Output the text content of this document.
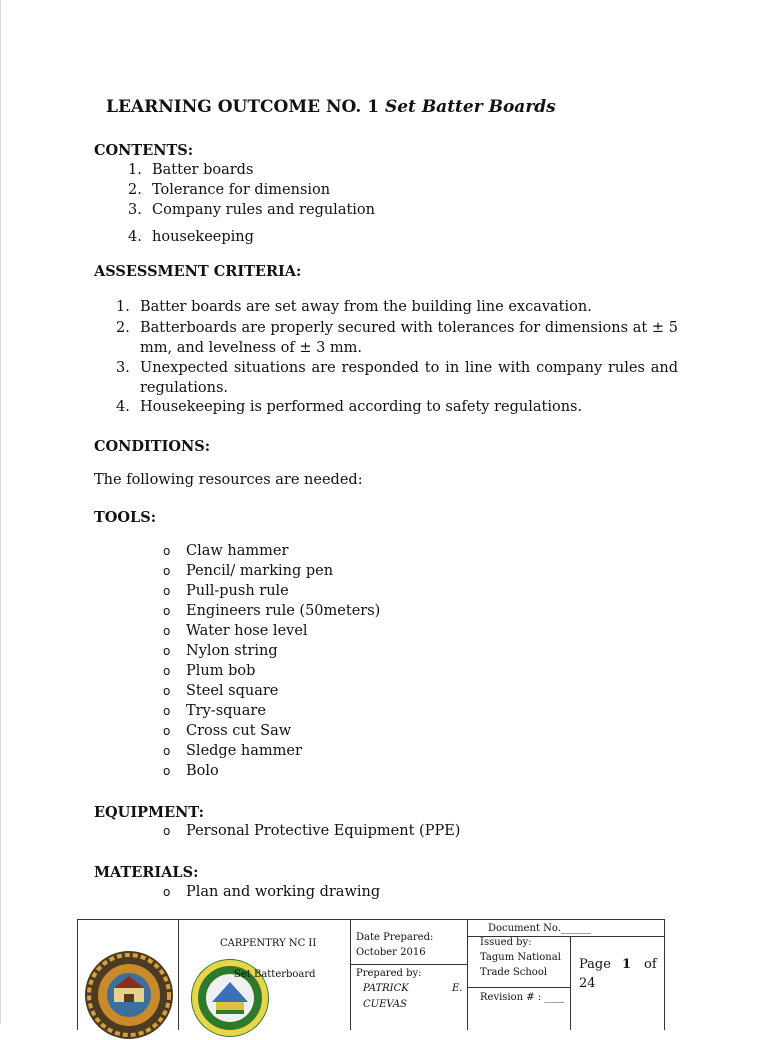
LEARNING OUTCOME NO. 1 Set Batter Boards
CONTENTS:
1. Batter boards
2. Tolerance for dimension
3. Company rules and regulation
4. housekeeping
ASSESSMENT CRITERIA:
1. Batter boards are set away from the building line excavation.
2. Batterboards are properly secured with tolerances for dimensions at ± 5 mm, and levelness of ± 3 mm.
3. Unexpected situations are responded to in line with company rules and regulations.
4. Housekeeping is performed according to safety regulations.
CONDITIONS:
The following resources are needed:
TOOLS:
o Claw hammer
o Pencil/ marking pen
o Pull-push rule
o Engineers rule (50meters)
o Water hose level
o Nylon string
o Plum bob
o Steel square
o Try-square
o Cross cut Saw
o Sledge hammer
o Bolo
EQUIPMENT:
o Personal Protective Equipment (PPE)
MATERIALS:
o Plan and working drawing
CARPENTRY NC II
Set Batterboard
Date Prepared:
October 2016
Prepared by:
PATRICK	E.
CUEVAS
Document No.______
Issued by:
Tagum National
Trade School
Revision # : ____
Page 1 of
24
